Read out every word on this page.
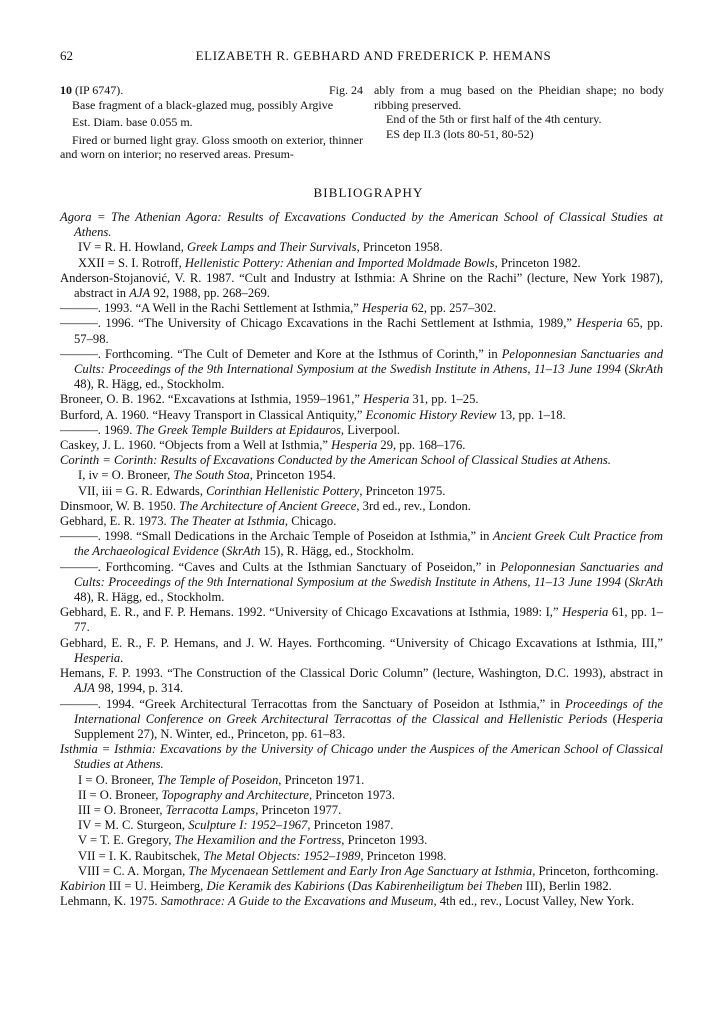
62	ELIZABETH R. GEBHARD AND FREDERICK P. HEMANS
10 (IP 6747).	Fig. 24
Base fragment of a black-glazed mug, possibly Argive
Est. Diam. base 0.055 m.
Fired or burned light gray. Gloss smooth on exterior, thinner and worn on interior; no reserved areas. Presum-
ably from a mug based on the Pheidian shape; no body ribbing preserved.
End of the 5th or first half of the 4th century.
ES dep II.3 (lots 80-51, 80-52)
BIBLIOGRAPHY

Agora = The Athenian Agora: Results of Excavations Conducted by the American School of Classical Studies at Athens.

IV = R. H. Howland, Greek Lamps and Their Survivals, Princeton 1958.

XXII = S. I. Rotroff, Hellenistic Pottery: Athenian and Imported Moldmade Bowls, Princeton 1982.

Anderson-Stojanović, V. R. 1987. “Cult and Industry at Isthmia: A Shrine on the Rachi” (lecture, New York 1987), abstract in AJA 92, 1988, pp. 268–269.

———. 1993. “A Well in the Rachi Settlement at Isthmia,” Hesperia 62, pp. 257–302.

———. 1996. “The University of Chicago Excavations in the Rachi Settlement at Isthmia, 1989,” Hesperia 65, pp. 57–98.

———. Forthcoming. “The Cult of Demeter and Kore at the Isthmus of Corinth,” in Peloponnesian Sanctuaries and Cults: Proceedings of the 9th International Symposium at the Swedish Institute in Athens, 11–13 June 1994 (SkrAth 48), R. Hägg, ed., Stockholm.

Broneer, O. B. 1962. “Excavations at Isthmia, 1959–1961,” Hesperia 31, pp. 1–25.

Burford, A. 1960. “Heavy Transport in Classical Antiquity,” Economic History Review 13, pp. 1–18.

———. 1969. The Greek Temple Builders at Epidauros, Liverpool.

Caskey, J. L. 1960. “Objects from a Well at Isthmia,” Hesperia 29, pp. 168–176.

Corinth = Corinth: Results of Excavations Conducted by the American School of Classical Studies at Athens.

I, iv = O. Broneer, The South Stoa, Princeton 1954.

VII, iii = G. R. Edwards, Corinthian Hellenistic Pottery, Princeton 1975.

Dinsmoor, W. B. 1950. The Architecture of Ancient Greece, 3rd ed., rev., London.

Gebhard, E. R. 1973. The Theater at Isthmia, Chicago.

———. 1998. “Small Dedications in the Archaic Temple of Poseidon at Isthmia,” in Ancient Greek Cult Practice from the Archaeological Evidence (SkrAth 15), R. Hägg, ed., Stockholm.

———. Forthcoming. “Caves and Cults at the Isthmian Sanctuary of Poseidon,” in Peloponnesian Sanctuaries and Cults: Proceedings of the 9th International Symposium at the Swedish Institute in Athens, 11–13 June 1994 (SkrAth 48), R. Hägg, ed., Stockholm.

Gebhard, E. R., and F. P. Hemans. 1992. “University of Chicago Excavations at Isthmia, 1989: I,” Hesperia 61, pp. 1–77.

Gebhard, E. R., F. P. Hemans, and J. W. Hayes. Forthcoming. “University of Chicago Excavations at Isthmia, III,” Hesperia.

Hemans, F. P. 1993. “The Construction of the Classical Doric Column” (lecture, Washington, D.C. 1993), abstract in AJA 98, 1994, p. 314.

———. 1994. “Greek Architectural Terracottas from the Sanctuary of Poseidon at Isthmia,” in Proceedings of the International Conference on Greek Architectural Terracottas of the Classical and Hellenistic Periods (Hesperia Supplement 27), N. Winter, ed., Princeton, pp. 61–83.

Isthmia = Isthmia: Excavations by the University of Chicago under the Auspices of the American School of Classical Studies at Athens.

I = O. Broneer, The Temple of Poseidon, Princeton 1971.

II = O. Broneer, Topography and Architecture, Princeton 1973.

III = O. Broneer, Terracotta Lamps, Princeton 1977.

IV = M. C. Sturgeon, Sculpture I: 1952–1967, Princeton 1987.

V = T. E. Gregory, The Hexamilion and the Fortress, Princeton 1993.

VII = I. K. Raubitschek, The Metal Objects: 1952–1989, Princeton 1998.

VIII = C. A. Morgan, The Mycenaean Settlement and Early Iron Age Sanctuary at Isthmia, Princeton, forthcoming.

Kabirion III = U. Heimberg, Die Keramik des Kabirions (Das Kabirenheiligtum bei Theben III), Berlin 1982.

Lehmann, K. 1975. Samothrace: A Guide to the Excavations and Museum, 4th ed., rev., Locust Valley, New York.
